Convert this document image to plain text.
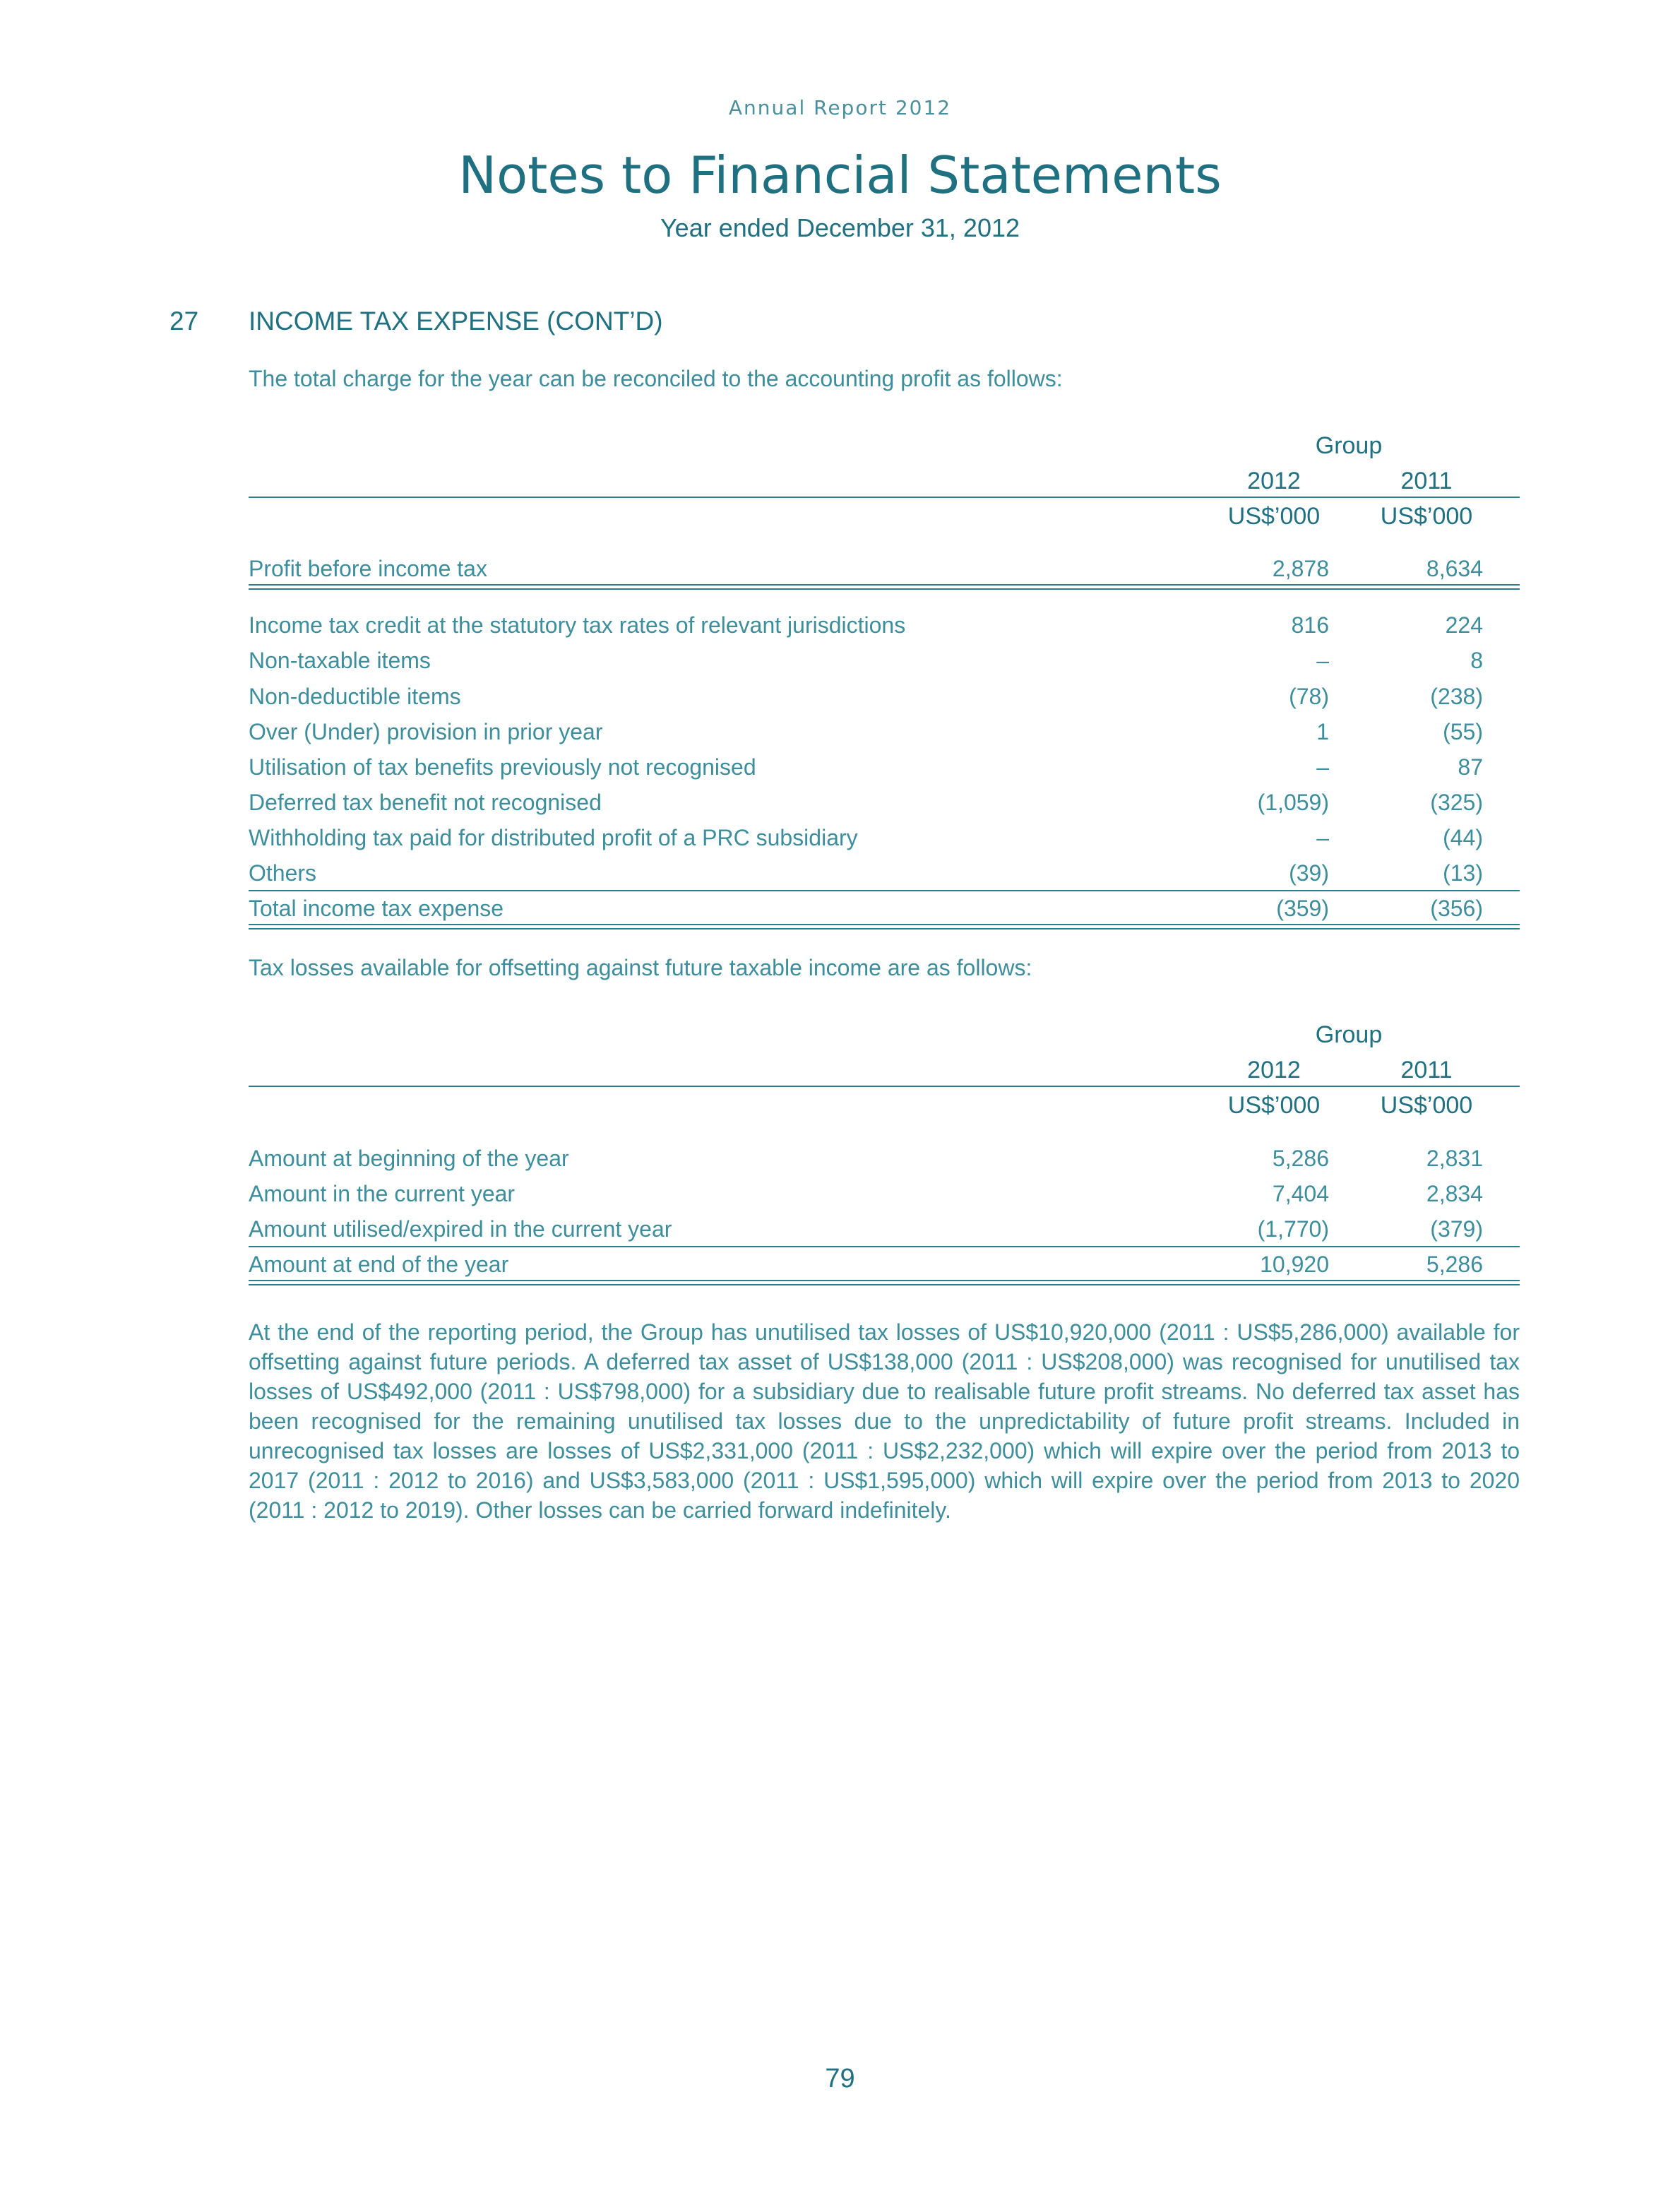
Annual Report 2012
Notes to Financial Statements
Year ended December 31, 2012
27 INCOME TAX EXPENSE (CONT’D)
The total charge for the year can be reconciled to the accounting profit as follows:
Group
2012	2011
US$’000	US$’000
Profit before income tax	2,878	8,634
Income tax credit at the statutory tax rates of relevant jurisdictions	816	224
Non-taxable items	–	8
Non-deductible items	(78)	(238)
Over (Under) provision in prior year	1	(55)
Utilisation of tax benefits previously not recognised	–	87
Deferred tax benefit not recognised	(1,059)	(325)
Withholding tax paid for distributed profit of a PRC subsidiary	–	(44)
Others	(39)	(13)
Total income tax expense	(359)	(356)
Tax losses available for offsetting against future taxable income are as follows:
Group
2012	2011
US$’000	US$’000
Amount at beginning of the year	5,286	2,831
Amount in the current year	7,404	2,834
Amount utilised/expired in the current year	(1,770)	(379)
Amount at end of the year	10,920	5,286
At the end of the reporting period, the Group has unutilised tax losses of US$10,920,000 (2011 : US$5,286,000) available for offsetting against future periods. A deferred tax asset of US$138,000 (2011 : US$208,000) was recognised for unutilised tax losses of US$492,000 (2011 : US$798,000) for a subsidiary due to realisable future profit streams. No deferred tax asset has been recognised for the remaining unutilised tax losses due to the unpredictability of future profit streams. Included in unrecognised tax losses are losses of US$2,331,000 (2011 : US$2,232,000) which will expire over the period from 2013 to 2017 (2011 : 2012 to 2016) and US$3,583,000 (2011 : US$1,595,000) which will expire over the period from 2013 to 2020 (2011 : 2012 to 2019). Other losses can be carried forward indefinitely.
79
